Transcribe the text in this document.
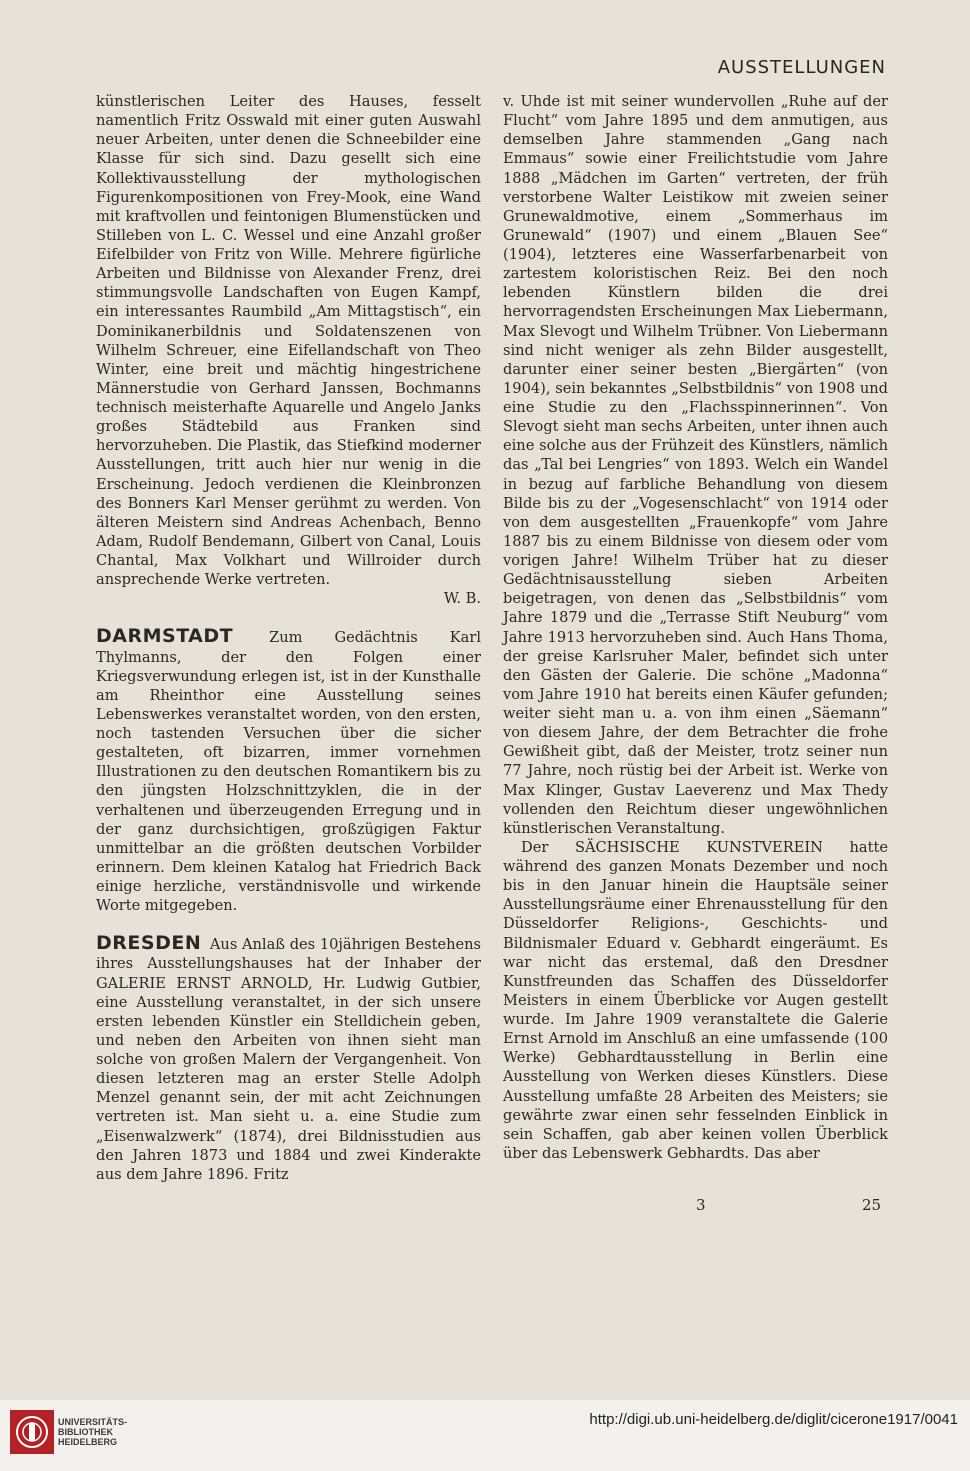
AUSSTELLUNGEN

künstlerischen Leiter des Hauses, fesselt namentlich Fritz Osswald mit einer guten Auswahl neuer Arbeiten, unter denen die Schneebilder eine Klasse für sich sind. Dazu gesellt sich eine Kollektivausstellung der mythologischen Figurenkompositionen von Frey-Mook, eine Wand mit kraftvollen und feintonigen Blumenstücken und Stilleben von L. C. Wessel und eine Anzahl großer Eifelbilder von Fritz von Wille. Mehrere figürliche Arbeiten und Bildnisse von Alexander Frenz, drei stimmungsvolle Landschaften von Eugen Kampf, ein interessantes Raumbild „Am Mittagstisch“, ein Dominikanerbildnis und Soldatenszenen von Wilhelm Schreuer, eine Eifellandschaft von Theo Winter, eine breit und mächtig hingestrichene Männerstudie von Gerhard Janssen, Bochmanns technisch meisterhafte Aquarelle und Angelo Janks großes Städtebild aus Franken sind hervorzuheben. Die Plastik, das Stiefkind moderner Ausstellungen, tritt auch hier nur wenig in die Erscheinung. Jedoch verdienen die Kleinbronzen des Bonners Karl Menser gerühmt zu werden. Von älteren Meistern sind Andreas Achenbach, Benno Adam, Rudolf Bendemann, Gilbert von Canal, Louis Chantal, Max Volkhart und Willroider durch ansprechende Werke vertreten.

W. B.

DARMSTADT Zum Gedächtnis Karl Thylmanns, der den Folgen einer Kriegsverwundung erlegen ist, ist in der Kunsthalle am Rheinthor eine Ausstellung seines Lebenswerkes veranstaltet worden, von den ersten, noch tastenden Versuchen über die sicher gestalteten, oft bizarren, immer vornehmen Illustrationen zu den deutschen Romantikern bis zu den jüngsten Holzschnittzyklen, die in der verhaltenen und überzeugenden Erregung und in der ganz durchsichtigen, großzügigen Faktur unmittelbar an die größten deutschen Vorbilder erinnern. Dem kleinen Katalog hat Friedrich Back einige herzliche, verständnisvolle und wirkende Worte mitgegeben.

DRESDEN Aus Anlaß des 10jährigen Bestehens ihres Ausstellungshauses hat der Inhaber der GALERIE ERNST ARNOLD, Hr. Ludwig Gutbier, eine Ausstellung veranstaltet, in der sich unsere ersten lebenden Künstler ein Stelldichein geben, und neben den Arbeiten von ihnen sieht man solche von großen Malern der Vergangenheit. Von diesen letzteren mag an erster Stelle Adolph Menzel genannt sein, der mit acht Zeichnungen vertreten ist. Man sieht u. a. eine Studie zum „Eisenwalzwerk“ (1874), drei Bildnisstudien aus den Jahren 1873 und 1884 und zwei Kinderakte aus dem Jahre 1896. Fritz

v. Uhde ist mit seiner wundervollen „Ruhe auf der Flucht“ vom Jahre 1895 und dem anmutigen, aus demselben Jahre stammenden „Gang nach Emmaus“ sowie einer Freilichtstudie vom Jahre 1888 „Mädchen im Garten“ vertreten, der früh verstorbene Walter Leistikow mit zweien seiner Grunewaldmotive, einem „Sommerhaus im Grunewald“ (1907) und einem „Blauen See“ (1904), letzteres eine Wasserfarbenarbeit von zartestem koloristischen Reiz. Bei den noch lebenden Künstlern bilden die drei hervorragendsten Erscheinungen Max Liebermann, Max Slevogt und Wilhelm Trübner. Von Liebermann sind nicht weniger als zehn Bilder ausgestellt, darunter einer seiner besten „Biergärten“ (von 1904), sein bekanntes „Selbstbildnis“ von 1908 und eine Studie zu den „Flachsspinnerinnen“. Von Slevogt sieht man sechs Arbeiten, unter ihnen auch eine solche aus der Frühzeit des Künstlers, nämlich das „Tal bei Lengries“ von 1893. Welch ein Wandel in bezug auf farbliche Behandlung von diesem Bilde bis zu der „Vogesenschlacht“ von 1914 oder von dem ausgestellten „Frauenkopfe“ vom Jahre 1887 bis zu einem Bildnisse von diesem oder vom vorigen Jahre! Wilhelm Trüber hat zu dieser Gedächtnisausstellung sieben Arbeiten beigetragen, von denen das „Selbstbildnis“ vom Jahre 1879 und die „Terrasse Stift Neuburg“ vom Jahre 1913 hervorzuheben sind. Auch Hans Thoma, der greise Karlsruher Maler, befindet sich unter den Gästen der Galerie. Die schöne „Madonna“ vom Jahre 1910 hat bereits einen Käufer gefunden; weiter sieht man u. a. von ihm einen „Säemann“ von diesem Jahre, der dem Betrachter die frohe Gewißheit gibt, daß der Meister, trotz seiner nun 77 Jahre, noch rüstig bei der Arbeit ist. Werke von Max Klinger, Gustav Laeverenz und Max Thedy vollenden den Reichtum dieser ungewöhnlichen künstlerischen Veranstaltung.

Der SÄCHSISCHE KUNSTVEREIN hatte während des ganzen Monats Dezember und noch bis in den Januar hinein die Hauptsäle seiner Ausstellungsräume einer Ehrenausstellung für den Düsseldorfer Religions-, Geschichts- und Bildnismaler Eduard v. Gebhardt eingeräumt. Es war nicht das erstemal, daß den Dresdner Kunstfreunden das Schaffen des Düsseldorfer Meisters in einem Überblicke vor Augen gestellt wurde. Im Jahre 1909 veranstaltete die Galerie Ernst Arnold im Anschluß an eine umfassende (100 Werke) Gebhardtausstellung in Berlin eine Ausstellung von Werken dieses Künstlers. Diese Ausstellung umfaßte 28 Arbeiten des Meisters; sie gewährte zwar einen sehr fesselnden Einblick in sein Schaffen, gab aber keinen vollen Überblick über das Lebenswerk Gebhardts. Das aber

3	25
UNIVERSITÄTS-
BIBLIOTHEK
HEIDELBERG
http://digi.ub.uni-heidelberg.de/diglit/cicerone1917/0041
